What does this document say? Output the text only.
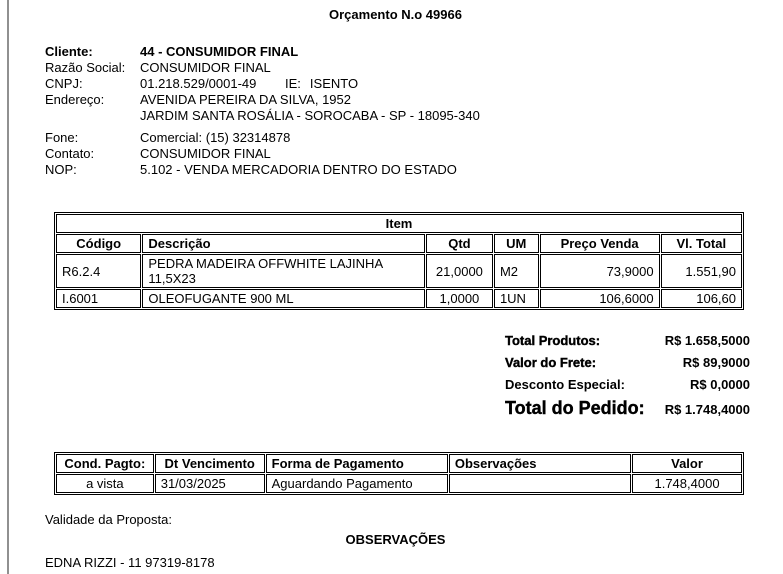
Orçamento N.o 49966
Cliente:	44 - CONSUMIDOR FINAL
Razão Social:	CONSUMIDOR FINAL
CNPJ:	01.218.529/0001-49 IE: ISENTO
Endereço:	AVENIDA PEREIRA DA SILVA, 1952
JARDIM SANTA ROSÁLIA - SOROCABA - SP - 18095-340
Fone:	Comercial: (15) 32314878
Contato:	CONSUMIDOR FINAL
NOP:	5.102 - VENDA MERCADORIA DENTRO DO ESTADO
Item					
Código	Descrição	Qtd	UM	Preço Venda	Vl. Total
R6.2.4	PEDRA MADEIRA OFFWHITE LAJINHA 11,5X23	21,0000	M2	73,9000	1.551,90
I.6001	OLEOFUGANTE 900 ML	1,0000	1UN	106,6000	106,60
Total Produtos:	R$ 1.658,5000
Valor do Frete:	R$ 89,9000
Desconto Especial:	R$ 0,0000
Total do Pedido: R$ 1.748,4000
Cond. Pagto:	Dt Vencimento	Forma de Pagamento	Observações	Valor
a vista	31/03/2025	Aguardando Pagamento		1.748,4000
Validade da Proposta:
OBSERVAÇÕES
EDNA RIZZI - 11 97319-8178
